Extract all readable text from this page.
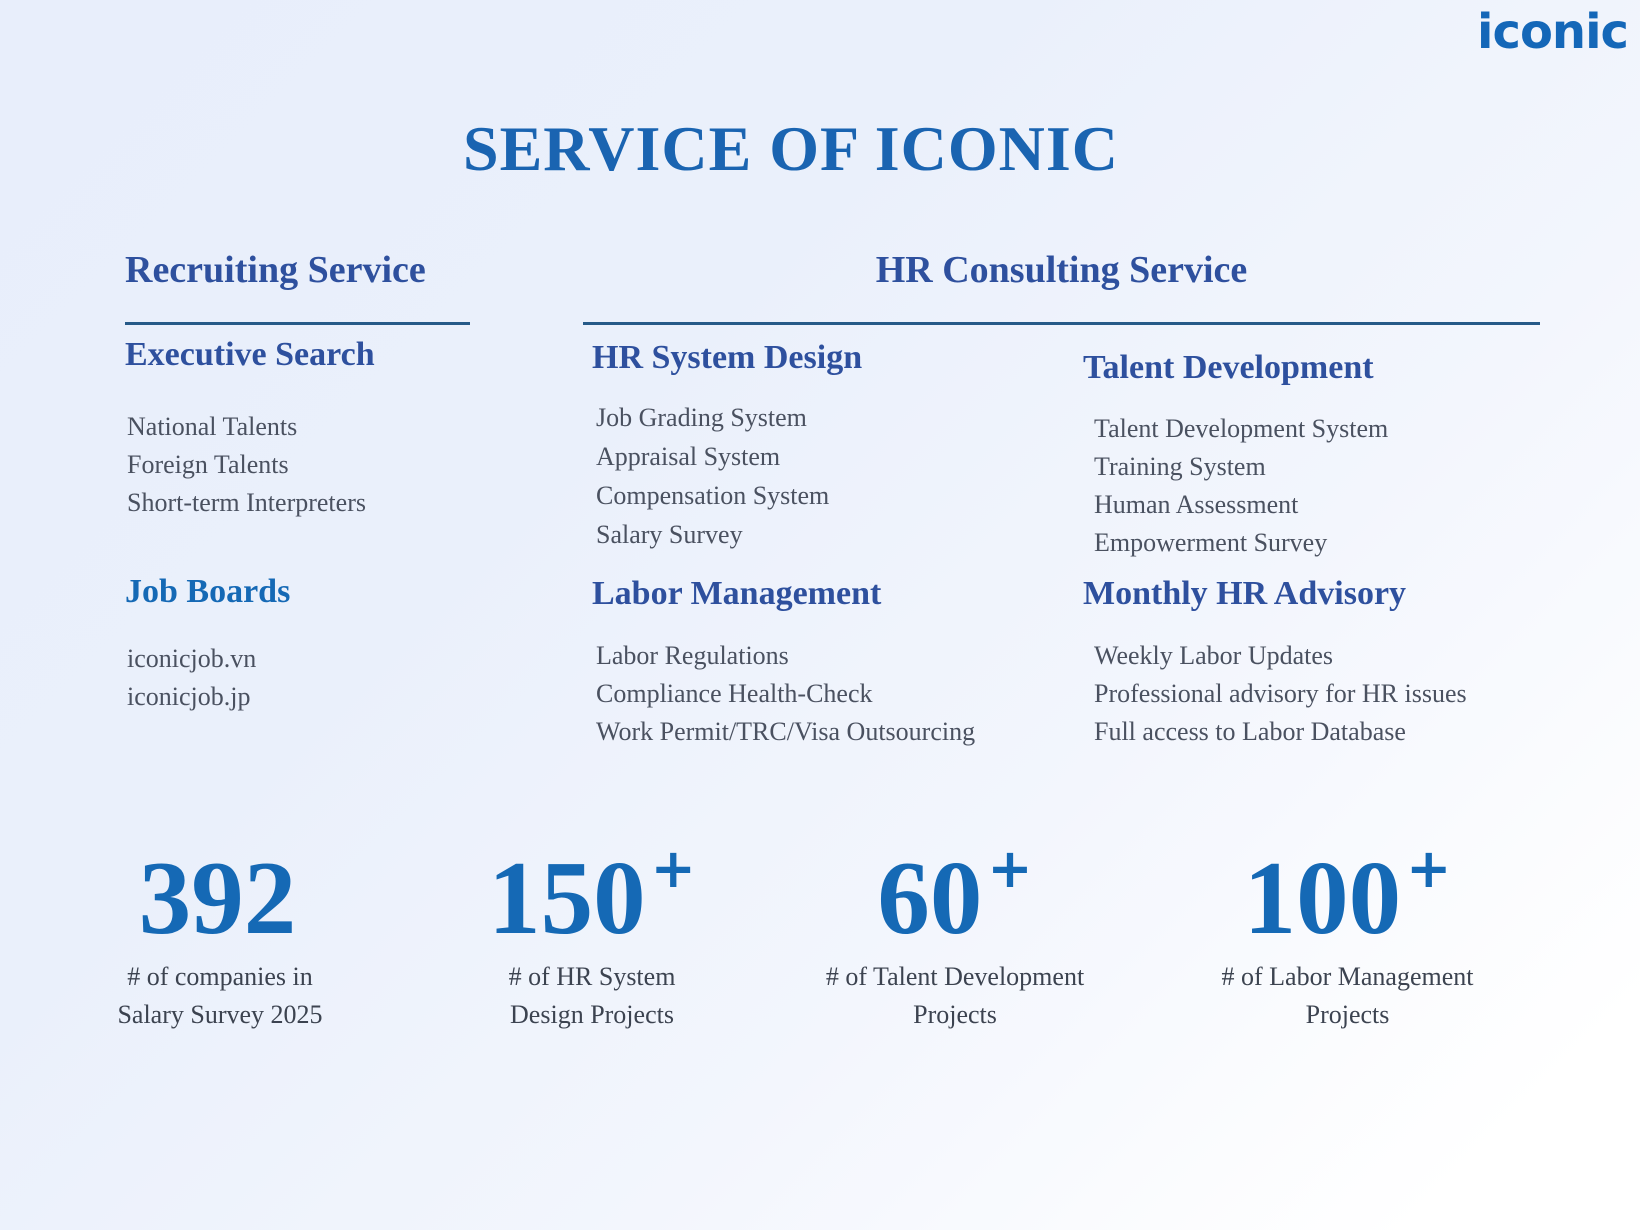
iconic
SERVICE OF ICONIC
Recruiting Service	HR Consulting Service
Executive Search
National Talents
Foreign Talents
Short-term Interpreters
Job Boards
iconicjob.vn
iconicjob.jp
HR System Design
Job Grading System
Appraisal System
Compensation System
Salary Survey
Labor Management
Labor Regulations
Compliance Health-Check
Work Permit/TRC/Visa Outsourcing
Talent Development
Talent Development System
Training System
Human Assessment
Empowerment Survey
Monthly HR Advisory
Weekly Labor Updates
Professional advisory for HR issues
Full access to Labor Database
392
# of companies in
Salary Survey 2025
150+
# of HR System
Design Projects
60+
# of Talent Development
Projects
100+
# of Labor Management
Projects
